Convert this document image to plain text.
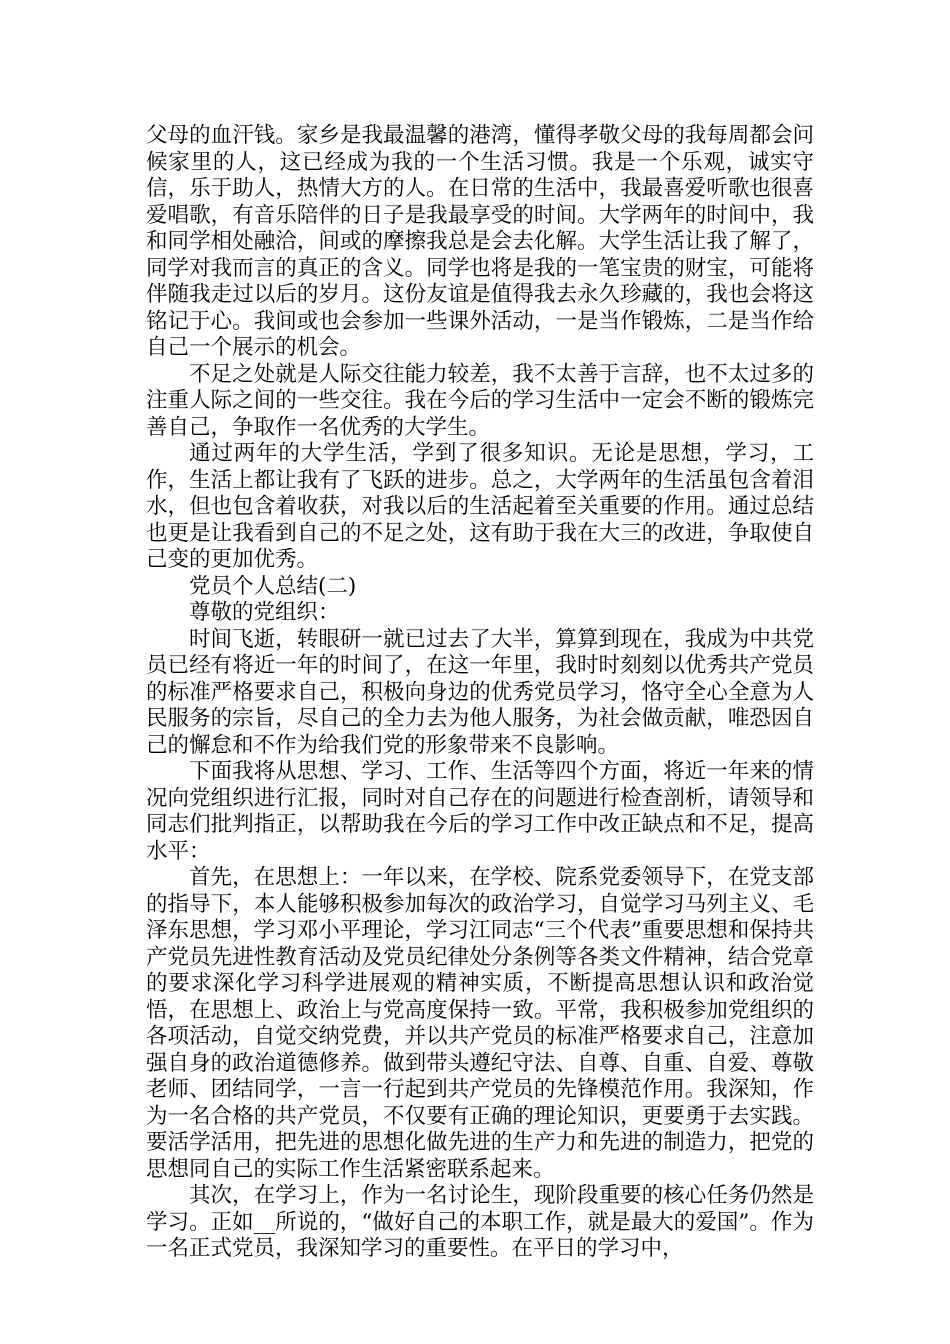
父母的血汗钱。家乡是我最温馨的港湾，懂得孝敬父母的我每周都会问候家里的人，这已经成为我的一个生活习惯。我是一个乐观，诚实守信，乐于助人，热情大方的人。在日常的生活中，我最喜爱听歌也很喜爱唱歌，有音乐陪伴的日子是我最享受的时间。大学两年的时间中，我和同学相处融洽，间或的摩擦我总是会去化解。大学生活让我了解了，同学对我而言的真正的含义。同学也将是我的一笔宝贵的财宝，可能将伴随我走过以后的岁月。这份友谊是值得我去永久珍藏的，我也会将这铭记于心。我间或也会参加一些课外活动，一是当作锻炼，二是当作给自己一个展示的机会。

不足之处就是人际交往能力较差，我不太善于言辞，也不太过多的注重人际之间的一些交往。我在今后的学习生活中一定会不断的锻炼完善自己，争取作一名优秀的大学生。

通过两年的大学生活，学到了很多知识。无论是思想，学习，工作，生活上都让我有了飞跃的进步。总之，大学两年的生活虽包含着泪水，但也包含着收获，对我以后的生活起着至关重要的作用。通过总结也更是让我看到自己的不足之处，这有助于我在大三的改进，争取使自己变的更加优秀。

党员个人总结(二)

尊敬的党组织：

时间飞逝，转眼研一就已过去了大半，算算到现在，我成为中共党员已经有将近一年的时间了，在这一年里，我时时刻刻以优秀共产党员的标准严格要求自己，积极向身边的优秀党员学习，恪守全心全意为人民服务的宗旨，尽自己的全力去为他人服务，为社会做贡献，唯恐因自己的懈怠和不作为给我们党的形象带来不良影响。

下面我将从思想、学习、工作、生活等四个方面，将近一年来的情况向党组织进行汇报，同时对自己存在的问题进行检查剖析，请领导和同志们批判指正，以帮助我在今后的学习工作中改正缺点和不足，提高水平：

首先，在思想上：一年以来，在学校、院系党委领导下，在党支部的指导下，本人能够积极参加每次的政治学习，自觉学习马列主义、毛泽东思想，学习邓小平理论，学习江同志“三个代表”重要思想和保持共产党员先进性教育活动及党员纪律处分条例等各类文件精神，结合党章的要求深化学习科学进展观的精神实质，不断提高思想认识和政治觉悟，在思想上、政治上与党高度保持一致。平常，我积极参加党组织的各项活动，自觉交纳党费，并以共产党员的标准严格要求自己，注意加强自身的政治道德修养。做到带头遵纪守法、自尊、自重、自爱、尊敬老师、团结同学，一言一行起到共产党员的先锋模范作用。我深知，作为一名合格的共产党员，不仅要有正确的理论知识，更要勇于去实践。要活学活用，把先进的思想化做先进的生产力和先进的制造力，把党的思想同自己的实际工作生活紧密联系起来。

其次，在学习上，作为一名讨论生，现阶段重要的核心任务仍然是学习。正如__所说的，“做好自己的本职工作，就是最大的爱国”。作为一名正式党员，我深知学习的重要性。在平日的学习中，
